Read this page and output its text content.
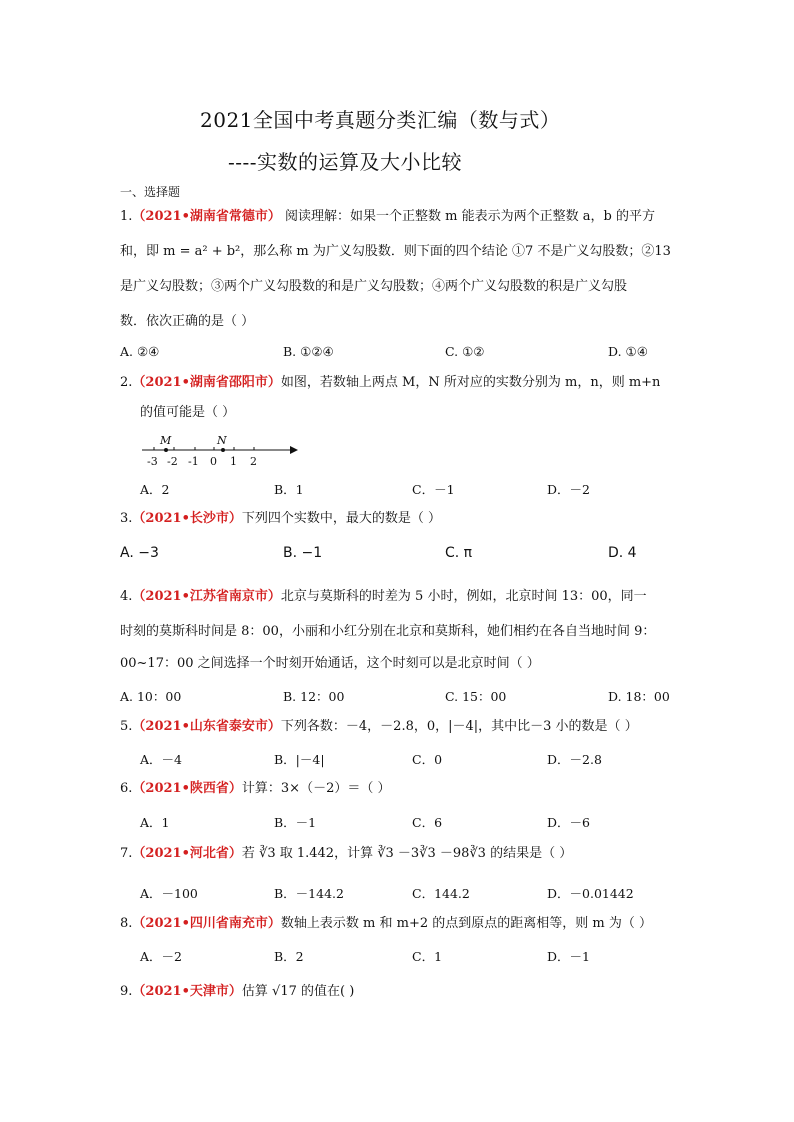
2021全国中考真题分类汇编（数与式）
----实数的运算及大小比较
一、选择题
1.（2021•湖南省常德市） 阅读理解：如果一个正整数 m 能表示为两个正整数 a，b 的平方
和，即 m = a² + b²，那么称 m 为广义勾股数．则下面的四个结论 ①7 不是广义勾股数；②13
是广义勾股数；③两个广义勾股数的和是广义勾股数；④两个广义勾股数的积是广义勾股
数．依次正确的是（ ）
A. ②④	B. ①②④	C. ①②	D. ①④
2.（2021•湖南省邵阳市）如图，若数轴上两点 M，N 所对应的实数分别为 m，n，则 m+n
的值可能是（ ）
M	N
-3 -2 -1 0 1 2
A．2	B．1	C．－1	D．－2
3.（2021•长沙市）下列四个实数中，最大的数是（ ）
A. −3	B. −1	C. π	D. 4
4.（2021•江苏省南京市）北京与莫斯科的时差为 5 小时，例如，北京时间 13：00，同一
时刻的莫斯科时间是 8：00，小丽和小红分别在北京和莫斯科，她们相约在各自当地时间 9：
00~17：00 之间选择一个时刻开始通话，这个时刻可以是北京时间（ ）
A. 10：00	B. 12：00	C. 15：00	D. 18：00
5.（2021•山东省泰安市）下列各数：－4，－2.8，0，|－4|，其中比－3 小的数是（ ）
A．－4	B．|－4|	C．0	D．－2.8
6.（2021•陕西省）计算：3×（－2）＝（ ）
A．1	B．－1	C．6	D．－6
7.（2021•河北省）若 ∛3 取 1.442，计算 ∛3 －3∛3 －98∛3 的结果是（ ）
A．－100	B．－144.2	C．144.2	D．－0.01442
8.（2021•四川省南充市）数轴上表示数 m 和 m+2 的点到原点的距离相等，则 m 为（ ）
A．－2	B．2	C．1	D．－1
9.（2021•天津市）估算 √17 的值在( )
